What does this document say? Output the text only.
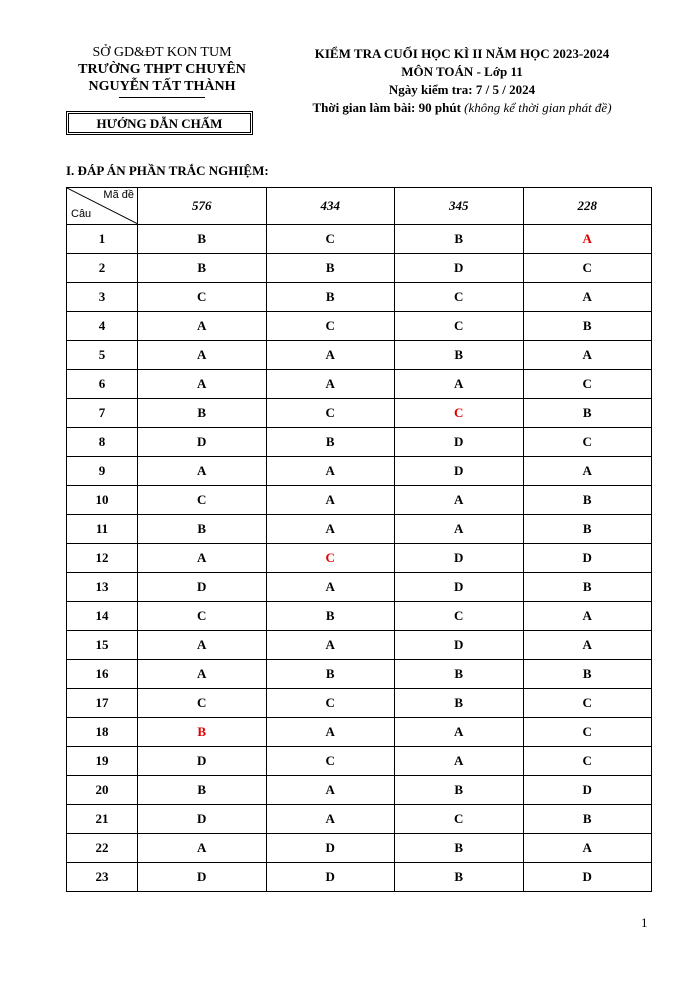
SỞ GD&ĐT KON TUM
TRƯỜNG THPT CHUYÊN
NGUYỄN TẤT THÀNH
HƯỚNG DẪN CHẤM
KIỂM TRA CUỐI HỌC KÌ II NĂM HỌC 2023-2024
MÔN TOÁN - Lớp 11
Ngày kiểm tra: 7 / 5 / 2024
Thời gian làm bài: 90 phút (không kể thời gian phát đề)
I. ĐÁP ÁN PHẦN TRẮC NGHIỆM:
Mã đề
Câu	576	434	345	228
1	B	C	B	A
2	B	B	D	C
3	C	B	C	A
4	A	C	C	B
5	A	A	B	A
6	A	A	A	C
7	B	C	C	B
8	D	B	D	C
9	A	A	D	A
10	C	A	A	B
11	B	A	A	B
12	A	C	D	D
13	D	A	D	B
14	C	B	C	A
15	A	A	D	A
16	A	B	B	B
17	C	C	B	C
18	B	A	A	C
19	D	C	A	C
20	B	A	B	D
21	D	A	C	B
22	A	D	B	A
23	D	D	B	D
1
